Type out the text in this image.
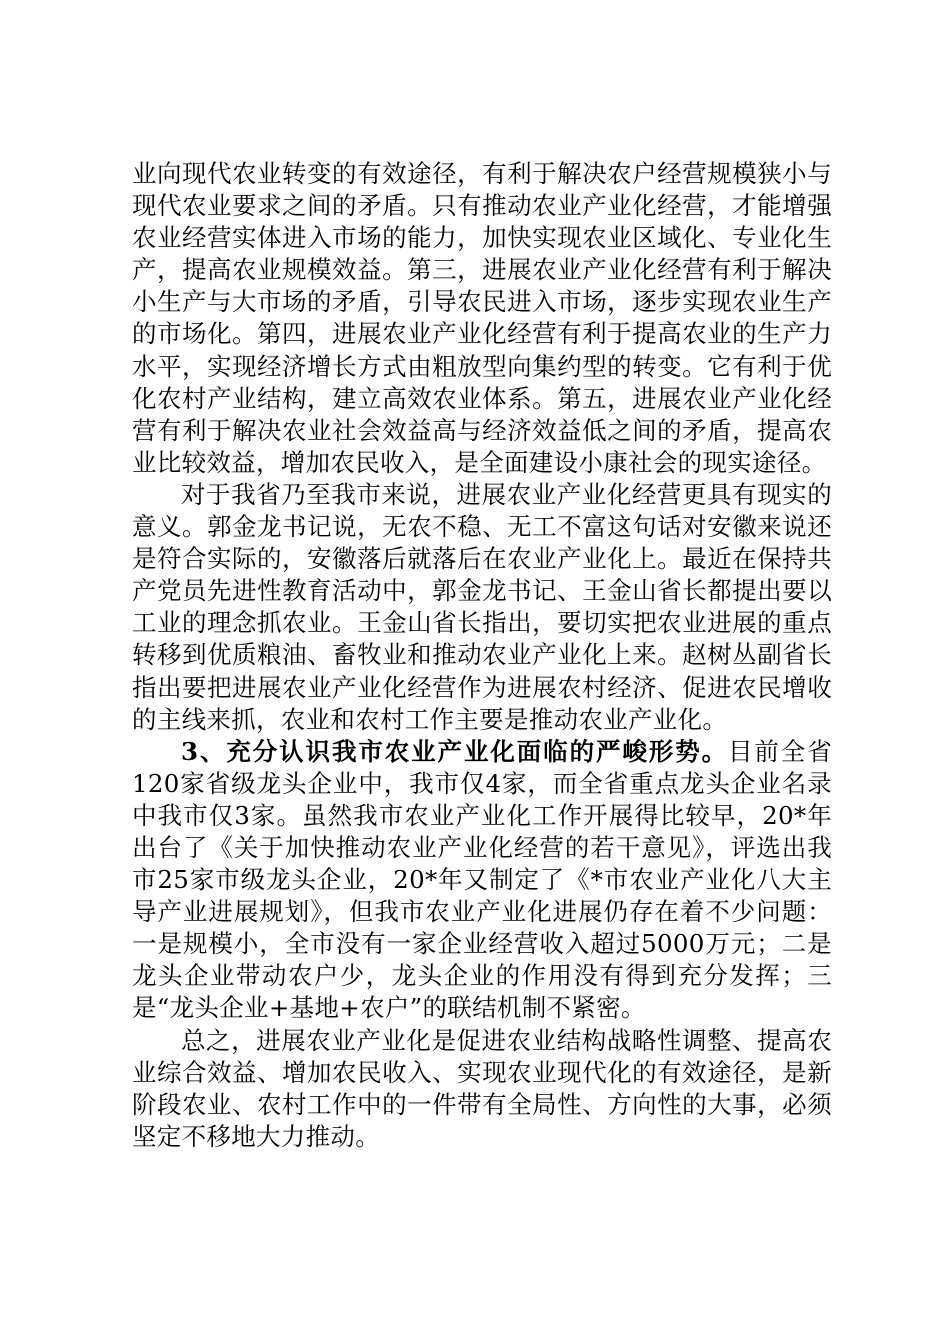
业向现代农业转变的有效途径，有利于解决农户经营规模狭小与现代农业要求之间的矛盾。只有推动农业产业化经营，才能增强农业经营实体进入市场的能力，加快实现农业区域化、专业化生产，提高农业规模效益。第三，进展农业产业化经营有利于解决小生产与大市场的矛盾，引导农民进入市场，逐步实现农业生产的市场化。第四，进展农业产业化经营有利于提高农业的生产力水平，实现经济增长方式由粗放型向集约型的转变。它有利于优化农村产业结构，建立高效农业体系。第五，进展农业产业化经营有利于解决农业社会效益高与经济效益低之间的矛盾，提高农业比较效益，增加农民收入，是全面建设小康社会的现实途径。

对于我省乃至我市来说，进展农业产业化经营更具有现实的意义。郭金龙书记说，无农不稳、无工不富这句话对安徽来说还是符合实际的，安徽落后就落后在农业产业化上。最近在保持共产党员先进性教育活动中，郭金龙书记、王金山省长都提出要以工业的理念抓农业。王金山省长指出，要切实把农业进展的重点转移到优质粮油、畜牧业和推动农业产业化上来。赵树丛副省长指出要把进展农业产业化经营作为进展农村经济、促进农民增收的主线来抓，农业和农村工作主要是推动农业产业化。

3、充分认识我市农业产业化面临的严峻形势。目前全省120家省级龙头企业中，我市仅4家，而全省重点龙头企业名录中我市仅3家。虽然我市农业产业化工作开展得比较早，20*年出台了《关于加快推动农业产业化经营的若干意见》，评选出我市25家市级龙头企业，20*年又制定了《*市农业产业化八大主导产业进展规划》，但我市农业产业化进展仍存在着不少问题：一是规模小，全市没有一家企业经营收入超过5000万元；二是龙头企业带动农户少，龙头企业的作用没有得到充分发挥；三是“龙头企业+基地+农户”的联结机制不紧密。

总之，进展农业产业化是促进农业结构战略性调整、提高农业综合效益、增加农民收入、实现农业现代化的有效途径，是新阶段农业、农村工作中的一件带有全局性、方向性的大事，必须坚定不移地大力推动。
